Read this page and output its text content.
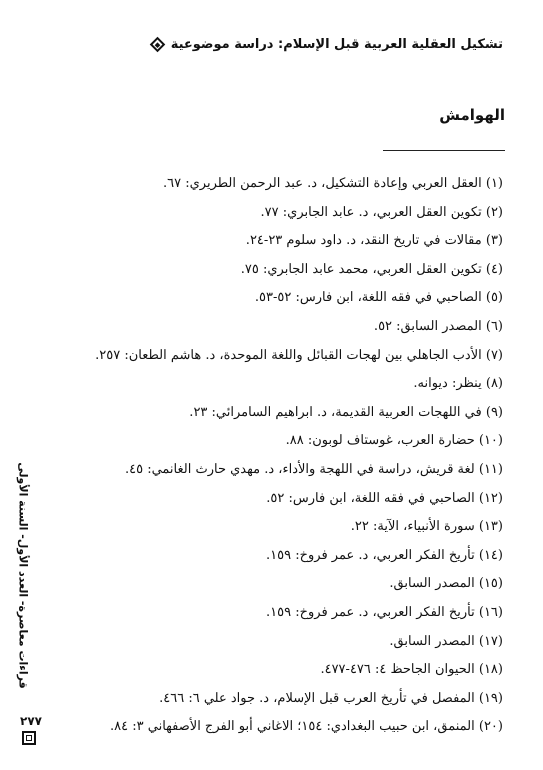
تشكيل العقلية العربية قبل الإسلام: دراسة موضوعية
الهوامش
(١) العقل العربي وإعادة التشكيل، د. عبد الرحمن الطريري: ٦٧.
(٢) تكوين العقل العربي، د. عابد الجابري: ٧٧.
(٣) مقالات في تاريخ النقد، د. داود سلوم ٢٣-٢٤.
(٤) تكوين العقل العربي، محمد عابد الجابري: ٧٥.
(٥) الصاحبي في فقه اللغة، ابن فارس: ٥٢-٥٣.
(٦) المصدر السابق: ٥٢.
(٧) الأدب الجاهلي بين لهجات القبائل واللغة الموحدة، د. هاشم الطعان: ٢٥٧.
(٨) ينظر: ديوانه.
(٩) في اللهجات العربية القديمة، د. ابراهيم السامرائي: ٢٣.
(١٠) حضارة العرب، غوستاف لوبون: ٨٨.
(١١) لغة قريش، دراسة في اللهجة والأداء، د. مهدي حارث الغانمي: ٤٥.
(١٢) الصاحبي في فقه اللغة، ابن فارس: ٥٢.
(١٣) سورة الأنبياء، الآية: ٢٢.
(١٤) تأريخ الفكر العربي، د. عمر فروخ: ١٥٩.
(١٥) المصدر السابق.
(١٦) تأريخ الفكر العربي، د. عمر فروخ: ١٥٩.
(١٧) المصدر السابق.
(١٨) الحيوان الجاحظ ٤: ٤٧٦-٤٧٧.
(١٩) المفصل في تأريخ العرب قبل الإسلام، د. جواد علي ٦: ٤٦٦.
(٢٠) المنمق، ابن حبيب البغدادي: ١٥٤؛ الاغاني أبو الفرج الأصفهاني ٣: ٨٤.
قراءات معاصرة- العدد الأول- السنة الأولى
٢٧٧
